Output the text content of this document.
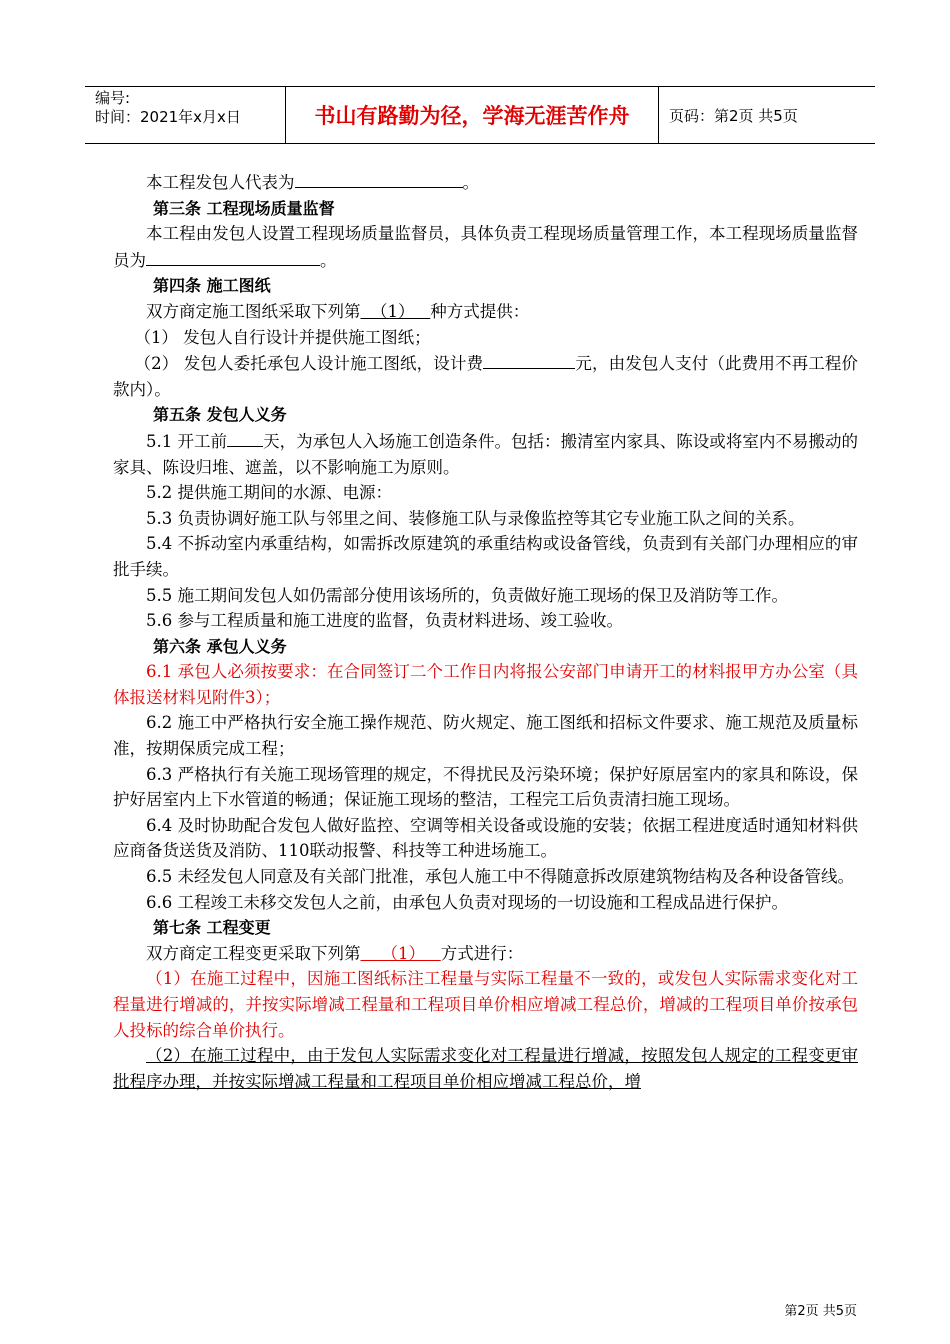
编号:
时间：2021年x月x日	书山有路勤为径，学海无涯苦作舟	页码：第2页 共5页

本工程发包人代表为	。

第三条 工程现场质量监督

本工程由发包人设置工程现场质量监督员，具体负责工程现场质量管理工作，本工程现场质量监督员为	。

第四条 施工图纸

双方商定施工图纸采取下列第 （1） 种方式提供：

（1） 发包人自行设计并提供施工图纸；

（2） 发包人委托承包人设计施工图纸，设计费	元，由发包人支付（此费用不再工程价款内）。

第五条 发包人义务

5.1 开工前 天，为承包人入场施工创造条件。包括：搬清室内家具、陈设或将室内不易搬动的家具、陈设归堆、遮盖，以不影响施工为原则。

5.2 提供施工期间的水源、电源：

5.3 负责协调好施工队与邻里之间、装修施工队与录像监控等其它专业施工队之间的关系。

5.4 不拆动室内承重结构，如需拆改原建筑的承重结构或设备管线，负责到有关部门办理相应的审批手续。

5.5 施工期间发包人如仍需部分使用该场所的，负责做好施工现场的保卫及消防等工作。

5.6 参与工程质量和施工进度的监督，负责材料进场、竣工验收。

第六条 承包人义务

6.1 承包人必须按要求：在合同签订二个工作日内将报公安部门申请开工的材料报甲方办公室（具体报送材料见附件3）；

6.2 施工中严格执行安全施工操作规范、防火规定、施工图纸和招标文件要求、施工规范及质量标准，按期保质完成工程；

6.3 严格执行有关施工现场管理的规定，不得扰民及污染环境；保护好原居室内的家具和陈设，保护好居室内上下水管道的畅通；保证施工现场的整洁，工程完工后负责清扫施工现场。

6.4 及时协助配合发包人做好监控、空调等相关设备或设施的安装；依据工程进度适时通知材料供应商备货送货及消防、110联动报警、科技等工种进场施工。

6.5 未经发包人同意及有关部门批准，承包人施工中不得随意拆改原建筑物结构及各种设备管线。

6.6 工程竣工未移交发包人之前，由承包人负责对现场的一切设施和工程成品进行保护。

第七条 工程变更

双方商定工程变更采取下列第 （1） 方式进行：

（1）在施工过程中，因施工图纸标注工程量与实际工程量不一致的，或发包人实际需求变化对工程量进行增减的，并按实际增减工程量和工程项目单价相应增减工程总价，增减的工程项目单价按承包人投标的综合单价执行。

（2）在施工过程中，由于发包人实际需求变化对工程量进行增减，按照发包人规定的工程变更审批程序办理，并按实际增减工程量和工程项目单价相应增减工程总价，增

第2页 共5页
